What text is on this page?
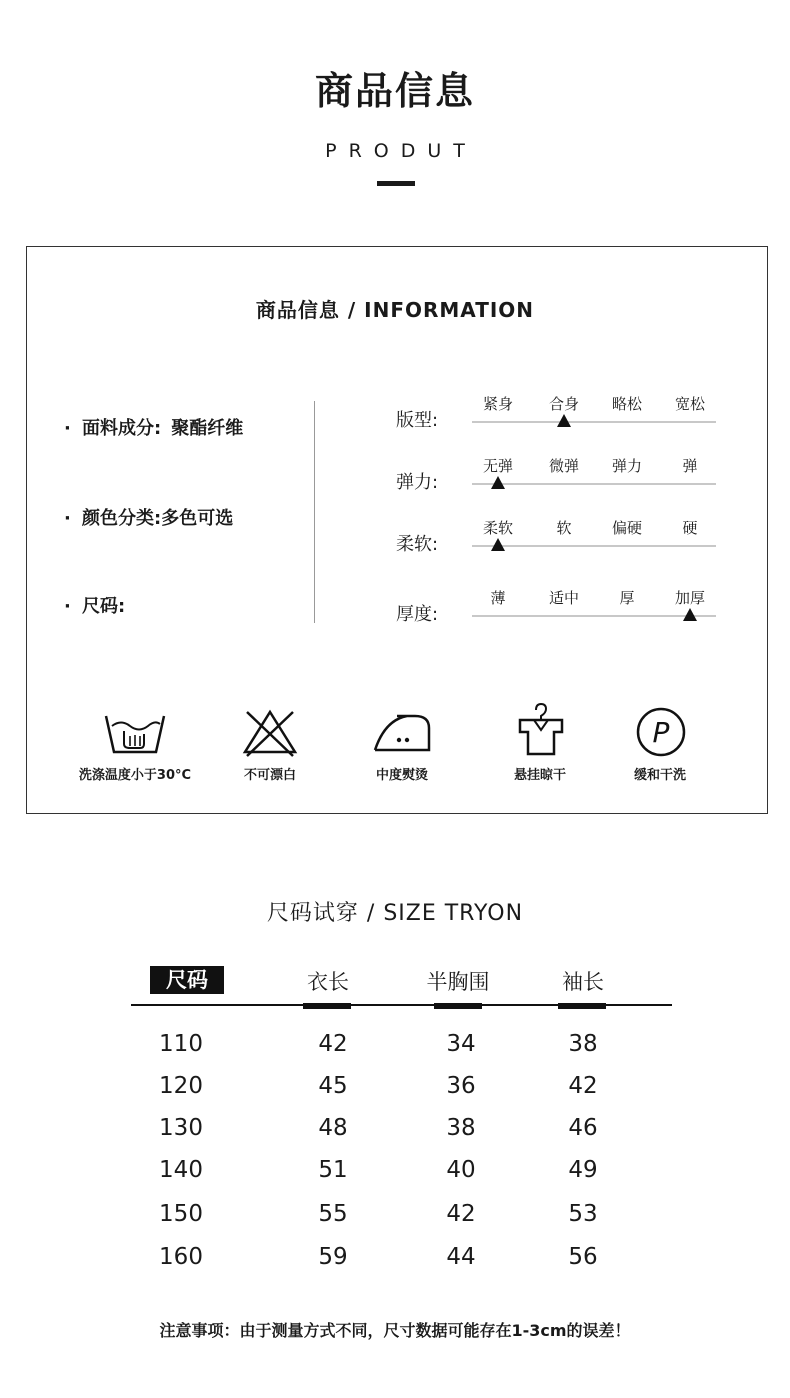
商品信息
PRODUT
商品信息 / INFORMATION
· 面料成分: 聚酯纤维
· 颜色分类:多色可选
· 尺码:
版型:
紧身	合身	略松	宽松
弹力:
无弹	微弹	弹力	弹
柔软:
柔软	软	偏硬	硬
厚度:
薄	适中	厚	加厚
洗涤温度小于30°C	不可漂白	中度熨烫	悬挂晾干
P
缓和干洗
尺码试穿 / SIZE TRYON
尺码	衣长	半胸围	袖长
110	42	34	38
120	45	36	42
130	48	38	46
140	51	40	49
150	55	42	53
160	59	44	56
注意事项：由于测量方式不同，尺寸数据可能存在1-3cm的误差！
